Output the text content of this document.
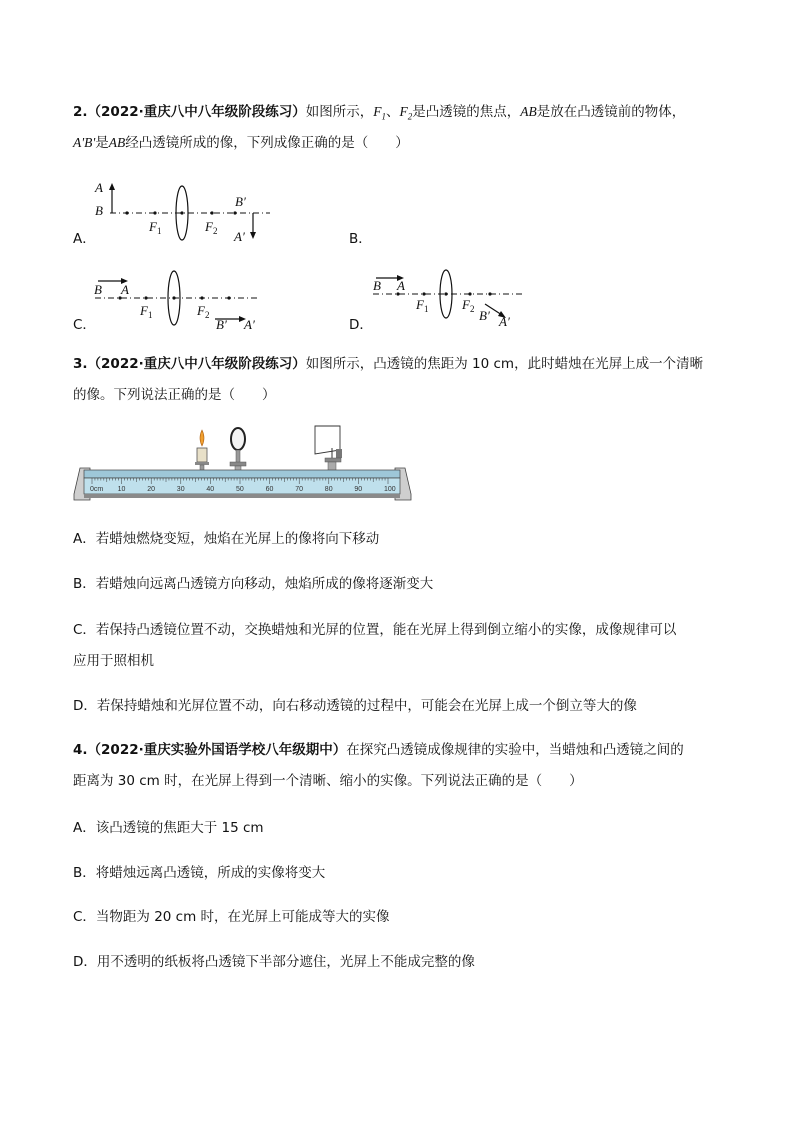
2.（2022·重庆八中八年级阶段练习）如图所示，$F_1$、$F_2$是凸透镜的焦点，AB是放在凸透镜前的物体，
A'B'是AB经凸透镜所成的像，下列成像正确的是（　　）
A
B
F 1	F 2
B′
A′
A．	B．
B A
F 1	F 2
B′ A′
C．
B A
F 1	F 2 B′ A′
D．
3.（2022·重庆八中八年级阶段练习）如图所示，凸透镜的焦距为 10 cm，此时蜡烛在光屏上成一个清晰
的像。下列说法正确的是（　　）
0cm 10	20	30	40	50	60	70	80	90	100
A．若蜡烛燃烧变短，烛焰在光屏上的像将向下移动
B．若蜡烛向远离凸透镜方向移动，烛焰所成的像将逐渐变大
C．若保持凸透镜位置不动，交换蜡烛和光屏的位置，能在光屏上得到倒立缩小的实像，成像规律可以
应用于照相机
D．若保持蜡烛和光屏位置不动，向右移动透镜的过程中，可能会在光屏上成一个倒立等大的像
4.（2022·重庆实验外国语学校八年级期中）在探究凸透镜成像规律的实验中，当蜡烛和凸透镜之间的
距离为 30 cm 时，在光屏上得到一个清晰、缩小的实像。下列说法正确的是（　　）
A．该凸透镜的焦距大于 15 cm
B．将蜡烛远离凸透镜，所成的实像将变大
C．当物距为 20 cm 时，在光屏上可能成等大的实像
D．用不透明的纸板将凸透镜下半部分遮住，光屏上不能成完整的像
